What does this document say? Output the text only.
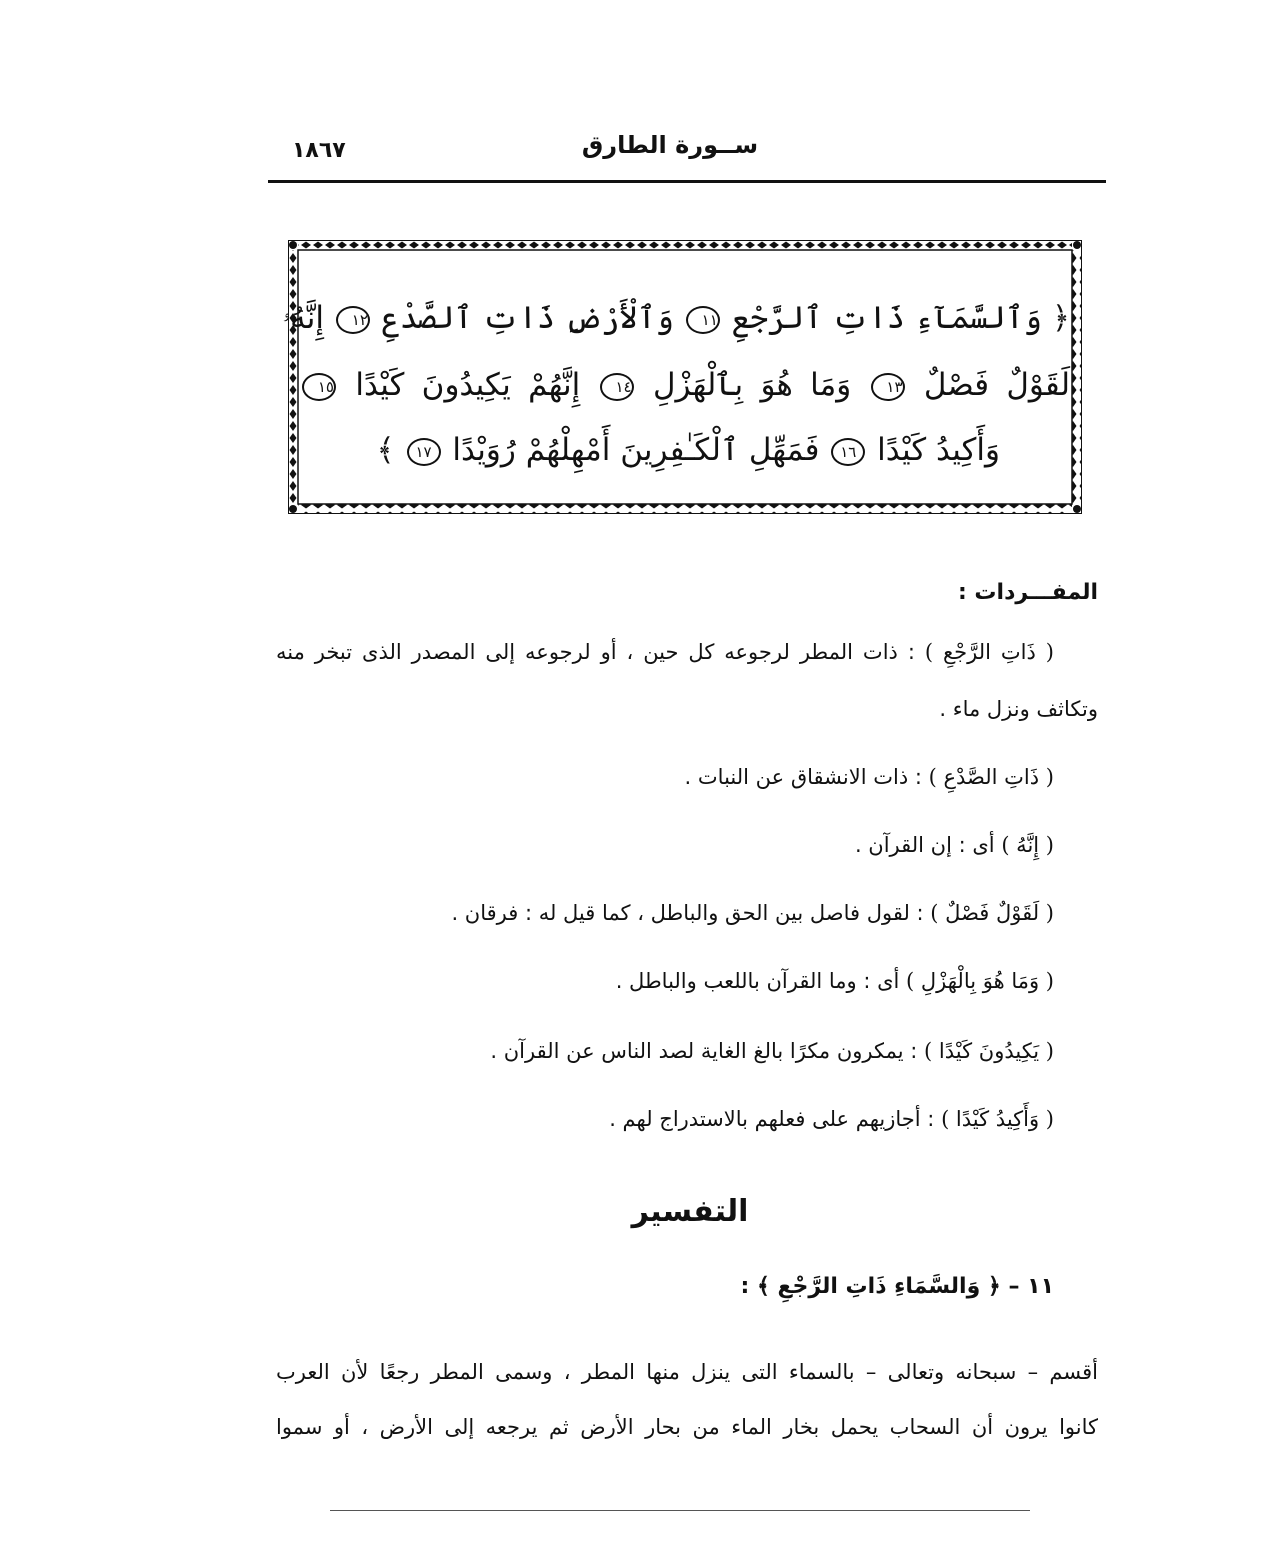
ســورة الطارق
١٨٦٧
﴿ وَٱلسَّمَآءِ ذَاتِ ٱلرَّجْعِ ١١ وَٱلْأَرْضِ ذَاتِ ٱلصَّدْعِ ١٢ إِنَّهُۥ
لَقَوْلٌ فَصْلٌ ١٣ وَمَا هُوَ بِٱلْهَزْلِ ١٤ إِنَّهُمْ يَكِيدُونَ كَيْدًا ١٥
وَأَكِيدُ كَيْدًا ١٦ فَمَهِّلِ ٱلْكَـٰفِرِينَ أَمْهِلْهُمْ رُوَيْدًا ١٧ ﴾
المفـــردات :
( ذَاتِ الرَّجْعِ ) : ذات المطر لرجوعه كل حين ، أو لرجوعه إلى المصدر الذى تبخر منه
وتكاثف ونزل ماء .
( ذَاتِ الصَّدْعِ ) : ذات الانشقاق عن النبات .
( إِنَّهُ ) أى : إن القرآن .
( لَقَوْلٌ فَصْلٌ ) : لقول فاصل بين الحق والباطل ، كما قيل له : فرقان .
( وَمَا هُوَ بِالْهَزْلِ ) أى : وما القرآن باللعب والباطل .
( يَكِيدُونَ كَيْدًا ) : يمكرون مكرًا بالغ الغاية لصد الناس عن القرآن .
( وَأَكِيدُ كَيْدًا ) : أجازيهم على فعلهم بالاستدراج لهم .
التفسير
١١ – ﴿ وَالسَّمَاءِ ذَاتِ الرَّجْعِ ﴾ :
أقسم – سبحانه وتعالى – بالسماء التى ينزل منها المطر ، وسمى المطر رجعًا لأن العرب
كانوا يرون أن السحاب يحمل بخار الماء من بحار الأرض ثم يرجعه إلى الأرض ، أو سموا
